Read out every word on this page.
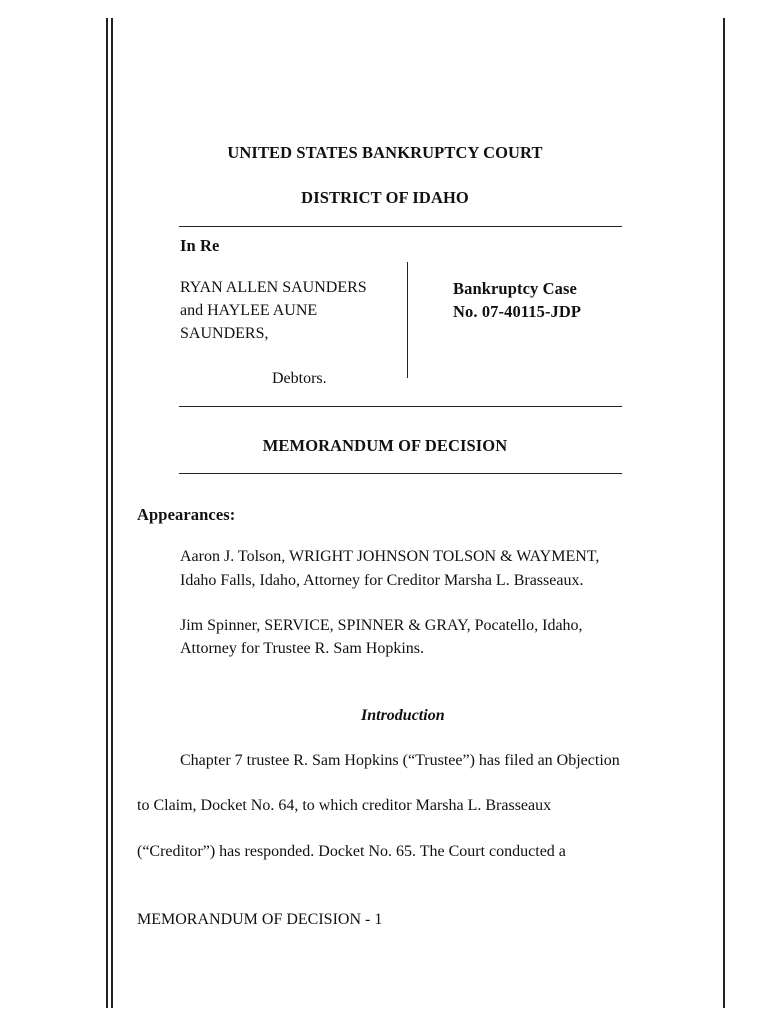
UNITED STATES BANKRUPTCY COURT
DISTRICT OF IDAHO
In Re
RYAN ALLEN SAUNDERS
and HAYLEE AUNE
SAUNDERS,
Debtors.
Bankruptcy Case
No. 07-40115-JDP
MEMORANDUM OF DECISION
Appearances:
Aaron J. Tolson, WRIGHT JOHNSON TOLSON & WAYMENT,
Idaho Falls, Idaho, Attorney for Creditor Marsha L. Brasseaux.
Jim Spinner, SERVICE, SPINNER & GRAY, Pocatello, Idaho,
Attorney for Trustee R. Sam Hopkins.
Introduction
Chapter 7 trustee R. Sam Hopkins (“Trustee”) has filed an Objection
to Claim, Docket No. 64, to which creditor Marsha L. Brasseaux
(“Creditor”) has responded. Docket No. 65. The Court conducted a
MEMORANDUM OF DECISION - 1
